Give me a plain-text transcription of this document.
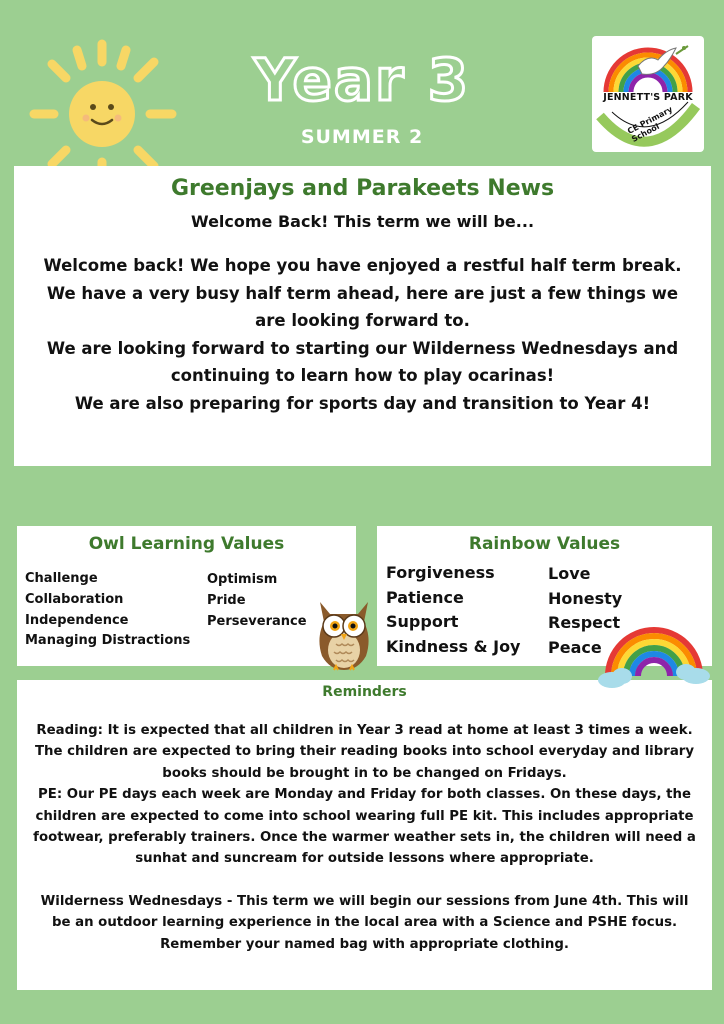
Year 3
SUMMER 2
JENNETT'S PARK
CE Primary School
Greenjays and Parakeets News
Welcome Back! This term we will be...

Welcome back! We hope you have enjoyed a restful half term break. We have a very busy half term ahead, here are just a few things we are looking forward to.

We are looking forward to starting our Wilderness Wednesdays and continuing to learn how to play ocarinas!

We are also preparing for sports day and transition to Year 4!

Owl Learning Values
Challenge
Collaboration
Independence
Managing Distractions
Optimism
Pride
Perseverance
Rainbow Values
Forgiveness
Patience
Support
Kindness & Joy
Love
Honesty
Respect
Peace
Reminders

Reading: It is expected that all children in Year 3 read at home at least 3 times a week. The children are expected to bring their reading books into school everyday and library books should be brought in to be changed on Fridays.

PE: Our PE days each week are Monday and Friday for both classes. On these days, the children are expected to come into school wearing full PE kit. This includes appropriate footwear, preferably trainers. Once the warmer weather sets in, the children will need a sunhat and suncream for outside lessons where appropriate.

Wilderness Wednesdays - This term we will begin our sessions from June 4th. This will be an outdoor learning experience in the local area with a Science and PSHE focus. Remember your named bag with appropriate clothing.
